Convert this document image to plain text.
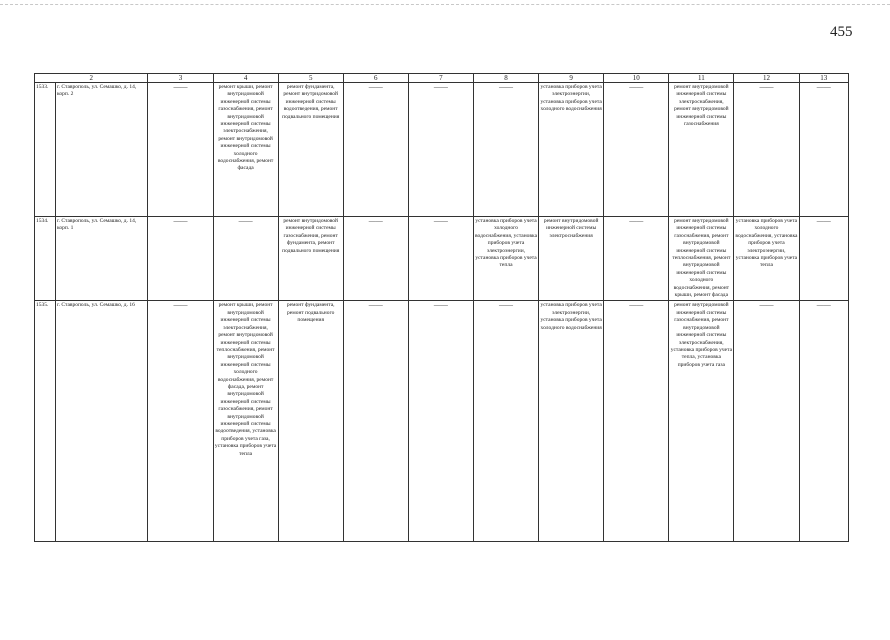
455
2		3	4	5	6	7	8	9	10	11	12	13
1533.	г. Ставрополь, ул. Семашко, д. 14, корп. 2	——	ремонт крыши, ремонт внутридомовой инженерной системы газоснабжения, ремонт внутридомовой инженерной системы электроснабжения, ремонт внутридомовой инженерной системы холодного водоснабжения, ремонт фасада	ремонт фундамента, ремонт внутридомовой инженерной системы водоотведения, ремонт подвального помещения	——	——	——	установка приборов учета электроэнергии, установка приборов учета холодного водоснабжения	——	ремонт внутридомовой инженерной системы электроснабжения, ремонт внутридомовой инженерной системы газоснабжения	——	——
1534.	г. Ставрополь, ул. Семашко, д. 14, корп. 1	——	——	ремонт внутридомовой инженерной системы газоснабжения, ремонт фундамента, ремонт подвального помещения	——	——	установка приборов учета холодного водоснабжения, установка приборов учета электроэнергии, установка приборов учета тепла	ремонт внутридомовой инженерной системы электроснабжения	——	ремонт внутридомовой инженерной системы газоснабжения, ремонт внутридомовой инженерной системы теплоснабжения, ремонт внутридомовой инженерной системы холодного водоснабжения, ремонт крыши, ремонт фасада	установка приборов учета холодного водоснабжения, установка приборов учета электроэнергии, установка приборов учета тепла	——
1535.	г. Ставрополь, ул. Семашко, д. 16	——	ремонт крыши, ремонт внутридомовой инженерной системы электроснабжения, ремонт внутридомовой инженерной системы теплоснабжения, ремонт внутридомовой инженерной системы холодного водоснабжения, ремонт фасада, ремонт внутридомовой инженерной системы газоснабжения, ремонт внутридомовой инженерной системы водоотведения, установка приборов учета газа, установка приборов учета тепла	ремонт фундамента, ремонт подвального помещения	——	——	——	установка приборов учета электроэнергии, установка приборов учета холодного водоснабжения	——	ремонт внутридомовой инженерной системы газоснабжения, ремонт внутридомовой инженерной системы электроснабжения, установка приборов учета тепла, установка приборов учета газа	——	——
